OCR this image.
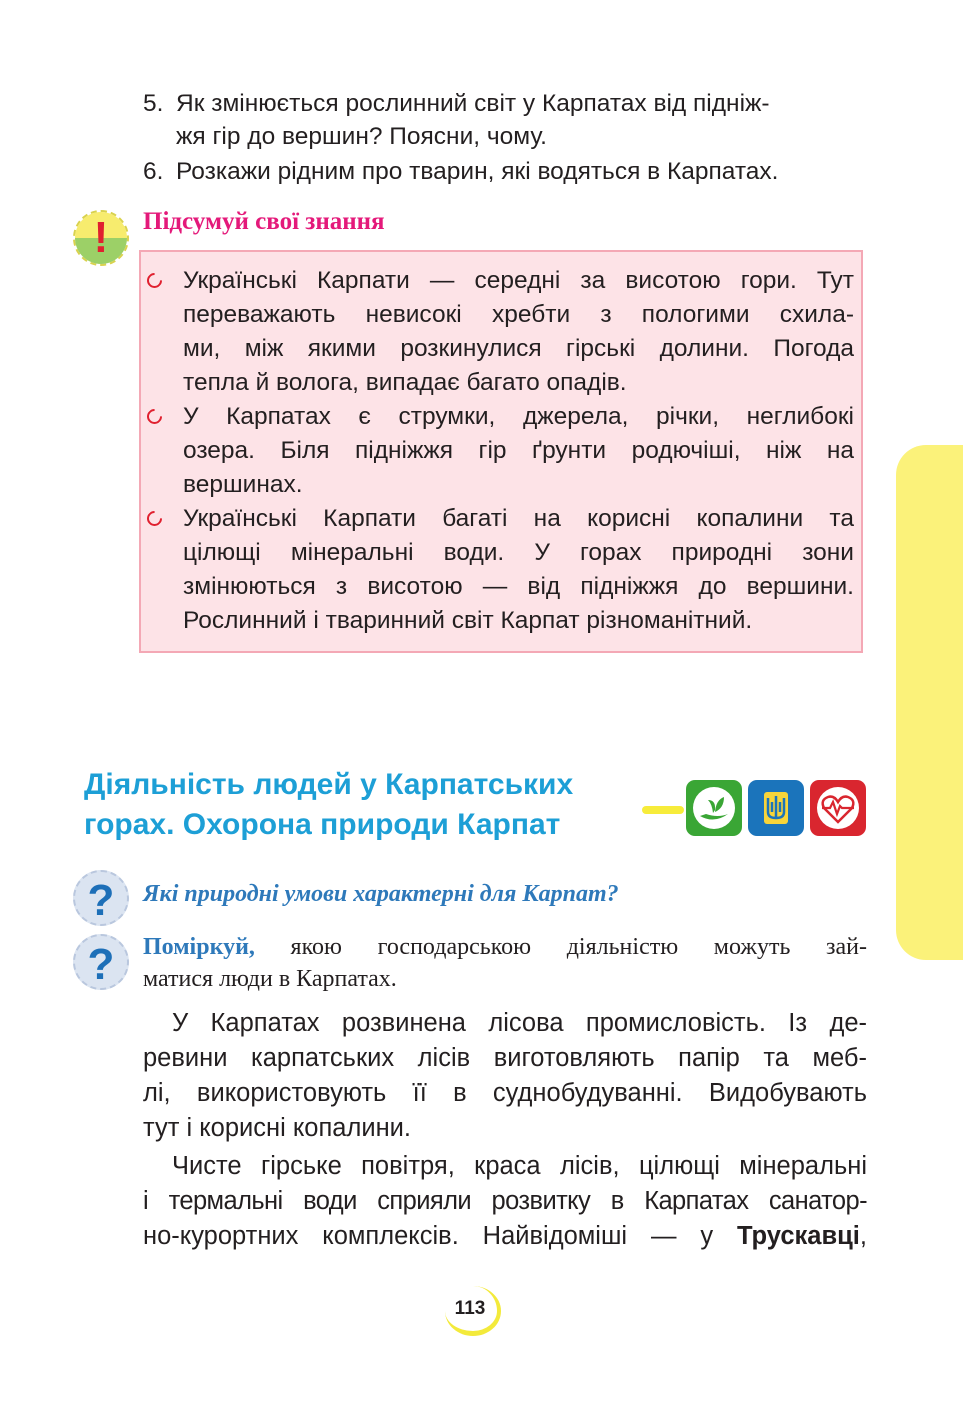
5. Як змінюється рослинний світ у Карпатах від підніж-
жя гір до вершин? Поясни, чому.
6. Розкажи рідним про тварин, які водяться в Карпатах.
!	Підсумуй свої знання
Українські Карпати — середні за висотою гори. Тут
переважають невисокі хребти з пологими схила-
ми, між якими розкинулися гірські долини. Погода
тепла й волога, випадає багато опадів.
У Карпатах є струмки, джерела, річки, неглибокі
озера. Біля підніжжя гір ґрунти родючіші, ніж на
вершинах.
Українські Карпати багаті на корисні копалини та
цілющі мінеральні води. У горах природні зони
змінюються з висотою — від підніжжя до вершини.
Рослинний і тваринний світ Карпат різноманітний.
Діяльність людей у Карпатських
горах. Охорона природи Карпат
?	Які природні умови характерні для Карпат?
?	Поміркуй, якою господарською діяльністю можуть зай-
матися люди в Карпатах.
У Карпатах розвинена лісова промисловість. Із де-
ревини карпатських лісів виготовляють папір та меб-
лі, використовують її в суднобудуванні. Видобувають
тут і корисні копалини.
Чисте гірське повітря, краса лісів, цілющі мінеральні
і термальні води сприяли розвитку в Карпатах санатор-
но-курортних комплексів. Найвідоміші — у Трускавці,
113
